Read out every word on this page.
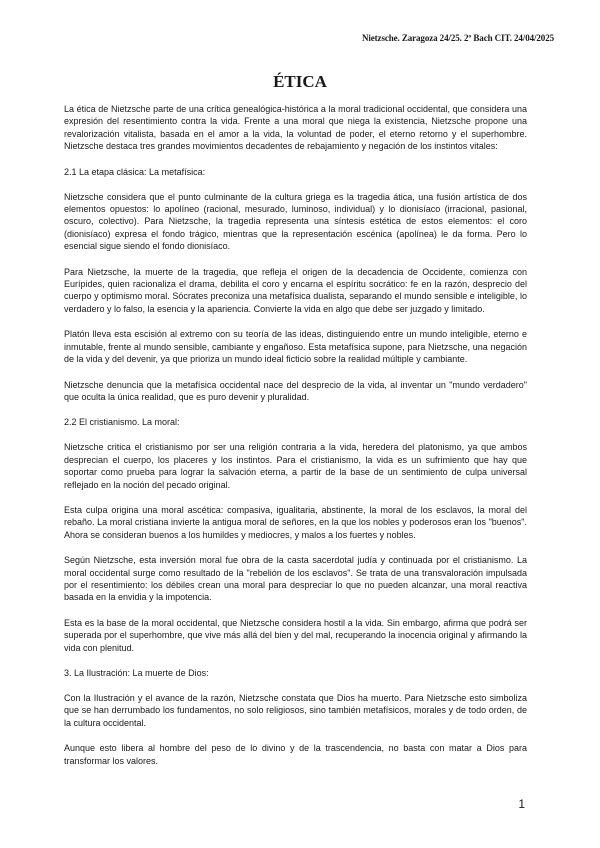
Nietzsche. Zaragoza 24/25. 2º Bach CIT. 24/04/2025
ÉTICA

La ética de Nietzsche parte de una crítica genealógica-histórica a la moral tradicional occidental, que considera una expresión del resentimiento contra la vida. Frente a una moral que niega la existencia, Nietzsche propone una revalorización vitalista, basada en el amor a la vida, la voluntad de poder, el eterno retorno y el superhombre. Nietzsche destaca tres grandes movimientos decadentes de rebajamiento y negación de los instintos vitales:

2.1 La etapa clásica: La metafísica:

Nietzsche considera que el punto culminante de la cultura griega es la tragedia ática, una fusión artística de dos elementos opuestos: lo apolíneo (racional, mesurado, luminoso, individual) y lo dionisíaco (irracional, pasional, oscuro, colectivo). Para Nietzsche, la tragedia representa una síntesis estética de estos elementos: el coro (dionisíaco) expresa el fondo trágico, mientras que la representación escénica (apolínea) le da forma. Pero lo esencial sigue siendo el fondo dionisíaco.

Para Nietzsche, la muerte de la tragedia, que refleja el origen de la decadencia de Occidente, comienza con Eurípides, quien racionaliza el drama, debilita el coro y encarna el espíritu socrático: fe en la razón, desprecio del cuerpo y optimismo moral. Sócrates preconiza una metafísica dualista, separando el mundo sensible e inteligible, lo verdadero y lo falso, la esencia y la apariencia. Convierte la vida en algo que debe ser juzgado y limitado.

Platón lleva esta escisión al extremo con su teoría de las ideas, distinguiendo entre un mundo inteligible, eterno e inmutable, frente al mundo sensible, cambiante y engañoso. Esta metafísica supone, para Nietzsche, una negación de la vida y del devenir, ya que prioriza un mundo ideal ficticio sobre la realidad múltiple y cambiante.

Nietzsche denuncia que la metafísica occidental nace del desprecio de la vida, al inventar un "mundo verdadero" que oculta la única realidad, que es puro devenir y pluralidad.

2.2 El cristianismo. La moral:

Nietzsche critica el cristianismo por ser una religión contraria a la vida, heredera del platonismo, ya que ambos desprecian el cuerpo, los placeres y los instintos. Para el cristianismo, la vida es un sufrimiento que hay que soportar como prueba para lograr la salvación eterna, a partir de la base de un sentimiento de culpa universal reflejado en la noción del pecado original.

Esta culpa origina una moral ascética: compasiva, igualitaria, abstinente, la moral de los esclavos, la moral del rebaño. La moral cristiana invierte la antigua moral de señores, en la que los nobles y poderosos eran los "buenos". Ahora se consideran buenos a los humildes y mediocres, y malos a los fuertes y nobles.

Según Nietzsche, esta inversión moral fue obra de la casta sacerdotal judía y continuada por el cristianismo. La moral occidental surge como resultado de la "rebelión de los esclavos". Se trata de una transvaloración impulsada por el resentimiento: los débiles crean una moral para despreciar lo que no pueden alcanzar, una moral reactiva basada en la envidia y la impotencia.

Esta es la base de la moral occidental, que Nietzsche considera hostil a la vida. Sin embargo, afirma que podrá ser superada por el superhombre, que vive más allá del bien y del mal, recuperando la inocencia original y afirmando la vida con plenitud.

3. La Ilustración: La muerte de Dios:

Con la Ilustración y el avance de la razón, Nietzsche constata que Dios ha muerto. Para Nietzsche esto simboliza que se han derrumbado los fundamentos, no solo religiosos, sino también metafísicos, morales y de todo orden, de la cultura occidental.

Aunque esto libera al hombre del peso de lo divino y de la trascendencia, no basta con matar a Dios para transformar los valores.

1
